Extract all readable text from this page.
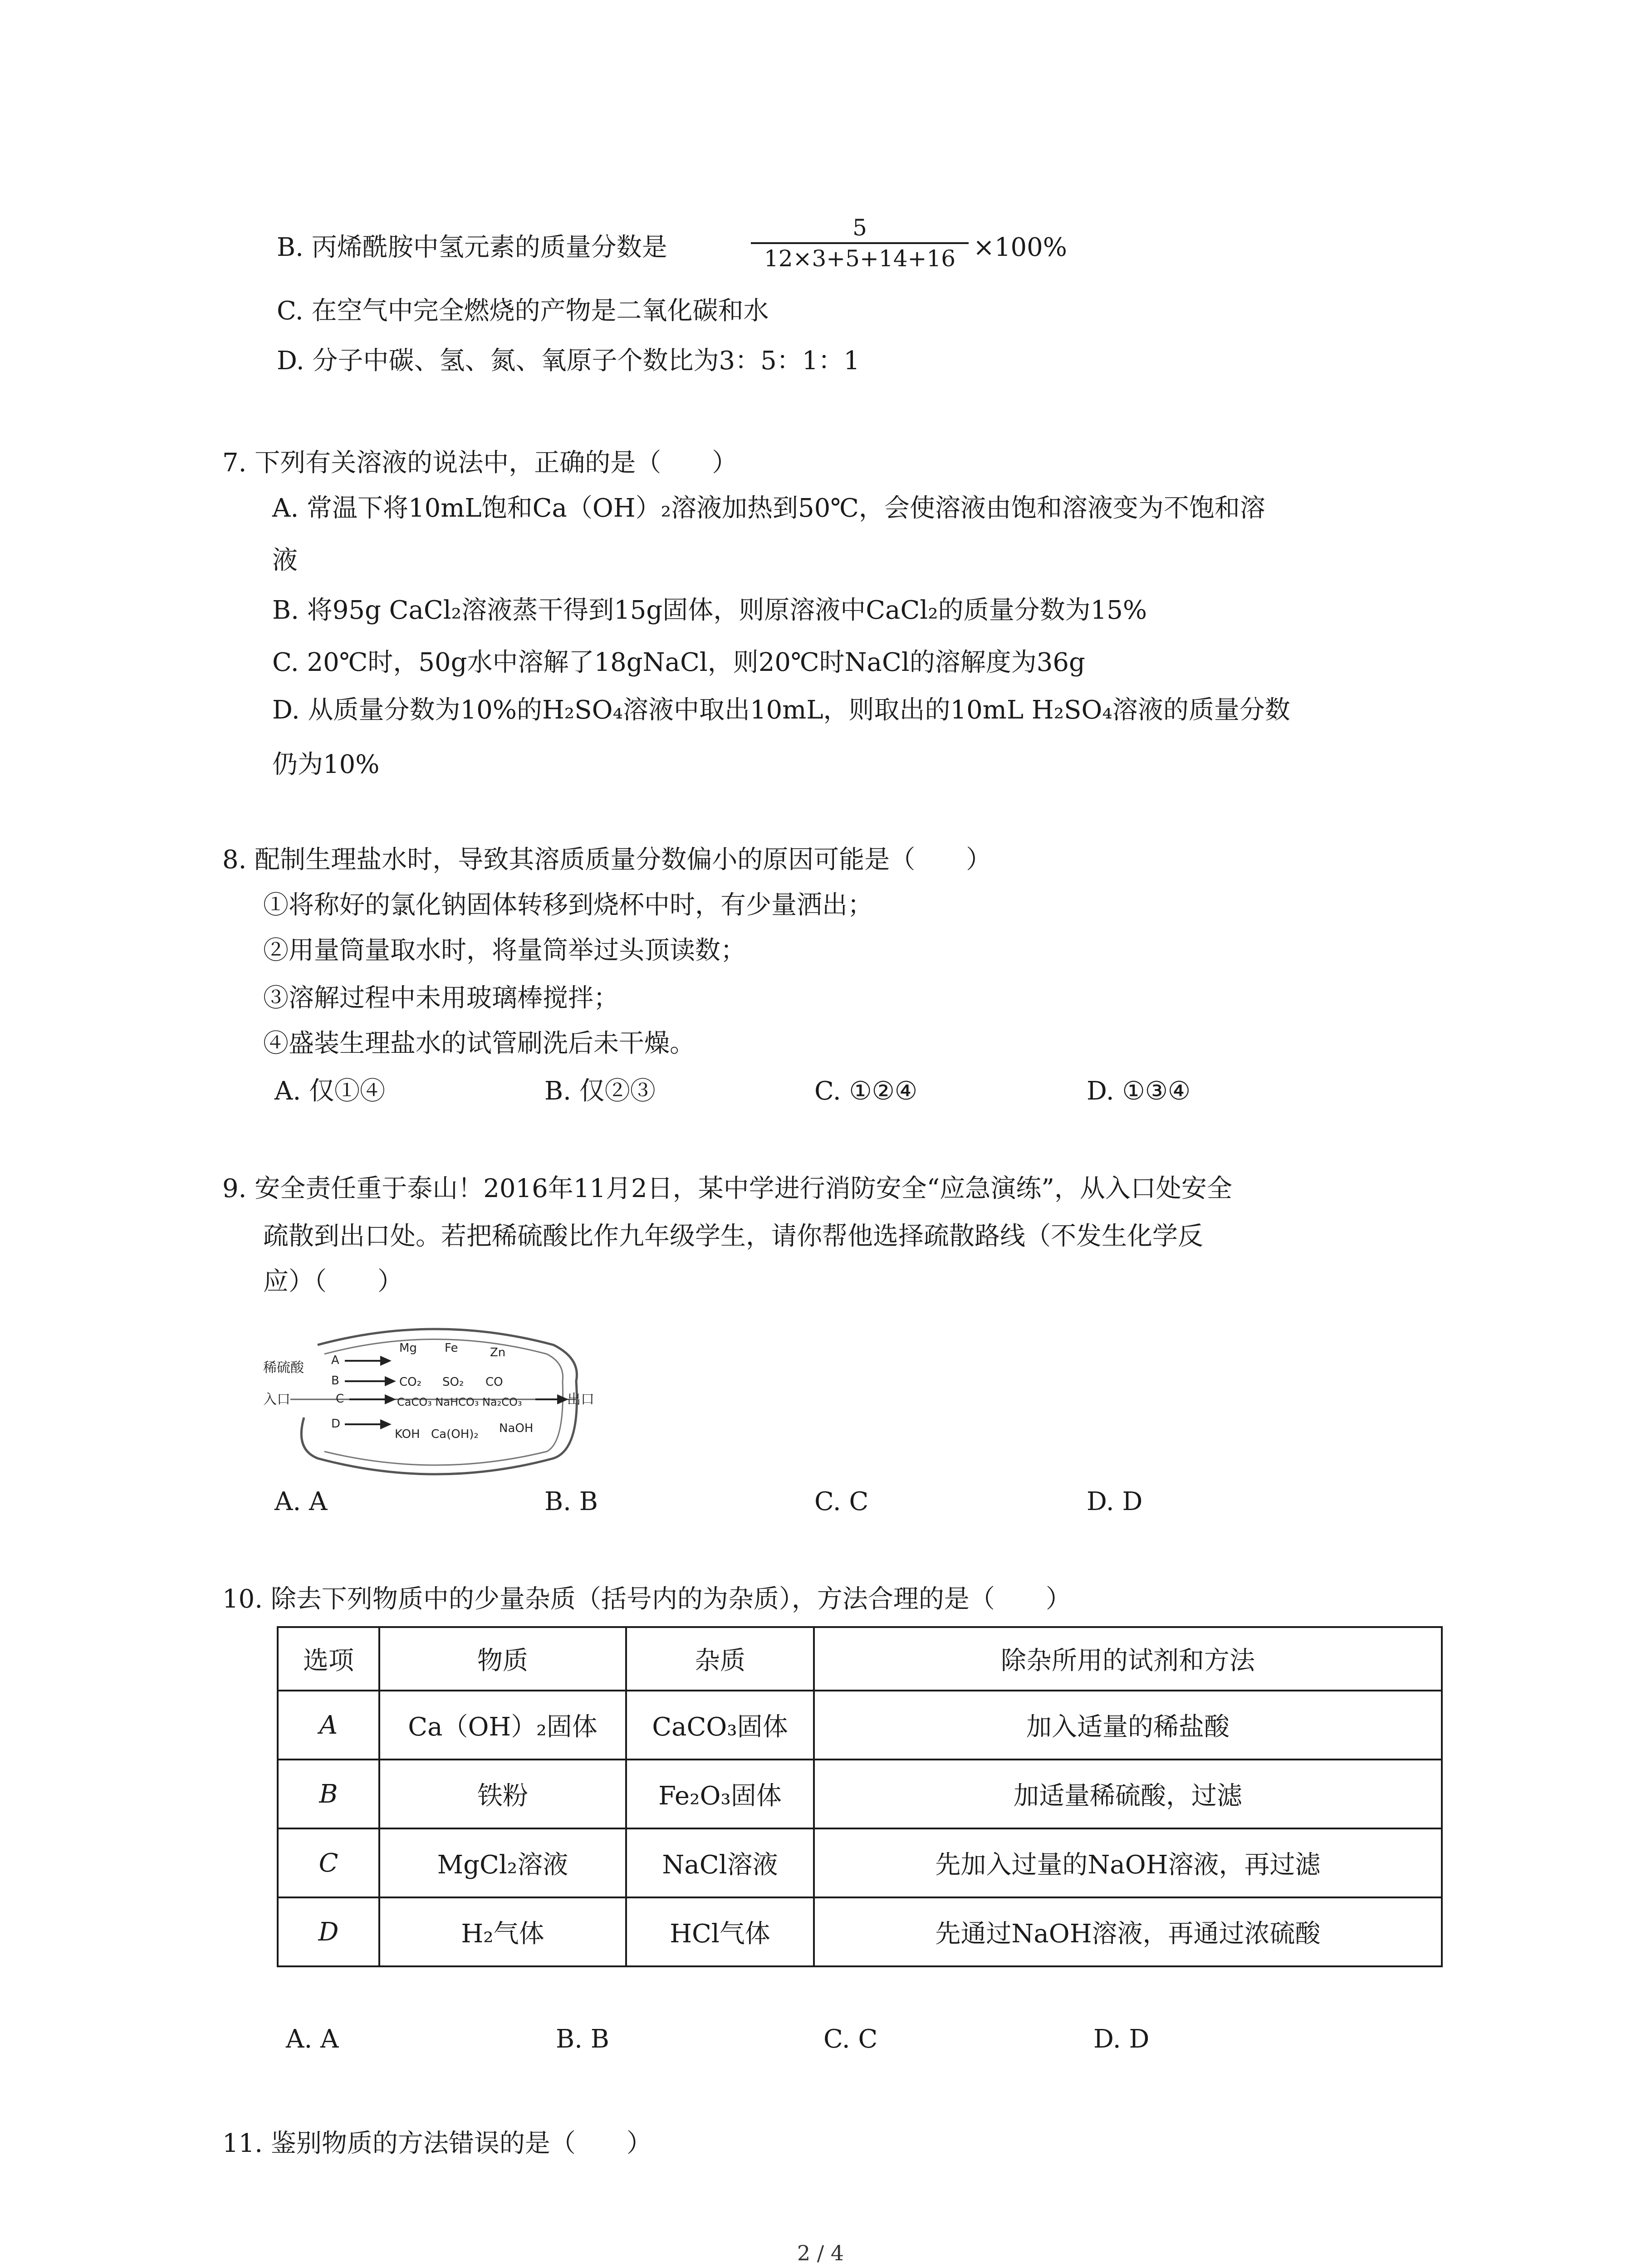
B. 丙烯酰胺中氢元素的质量分数是
5
12×3+5+14+16 ×100%
C. 在空气中完全燃烧的产物是二氧化碳和水
D. 分子中碳、氢、氮、氧原子个数比为3：5：1：1
7. 下列有关溶液的说法中，正确的是（　　）
A. 常温下将10mL饱和Ca（OH）₂溶液加热到50℃，会使溶液由饱和溶液变为不饱和溶
液
B. 将95g CaCl₂溶液蒸干得到15g固体，则原溶液中CaCl₂的质量分数为15%
C. 20℃时，50g水中溶解了18gNaCl，则20℃时NaCl的溶解度为36g
D. 从质量分数为10%的H₂SO₄溶液中取出10mL，则取出的10mL H₂SO₄溶液的质量分数
仍为10%
8. 配制生理盐水时，导致其溶质质量分数偏小的原因可能是（　　）
①将称好的氯化钠固体转移到烧杯中时，有少量洒出；
②用量筒量取水时，将量筒举过头顶读数；
③溶解过程中未用玻璃棒搅拌；
④盛装生理盐水的试管刷洗后未干燥。
A. 仅①④	B. 仅②③	C. ①②④	D. ①③④
9. 安全责任重于泰山！2016年11月2日，某中学进行消防安全“应急演练”，从入口处安全
疏散到出口处。若把稀硫酸比作九年级学生，请你帮他选择疏散路线（不发生化学反
应）（　　）
稀硫酸
入口	出口
A
B
C
D
Mg Fe	Zn
CO₂ SO₂ CO
CaCO₃ NaHCO₃ Na₂CO₃
KOH Ca(OH)₂ NaOH
A. A	B. B	C. C	D. D
10. 除去下列物质中的少量杂质（括号内的为杂质），方法合理的是（　　）
选项	物质	杂质	除杂所用的试剂和方法
A	Ca（OH）₂固体	CaCO₃固体	加入适量的稀盐酸
B	铁粉	Fe₂O₃固体	加适量稀硫酸，过滤
C	MgCl₂溶液	NaCl溶液	先加入过量的NaOH溶液，再过滤
D	H₂气体	HCl气体	先通过NaOH溶液，再通过浓硫酸
A. A	B. B	C. C	D. D
11. 鉴别物质的方法错误的是（　　）
2 / 4
